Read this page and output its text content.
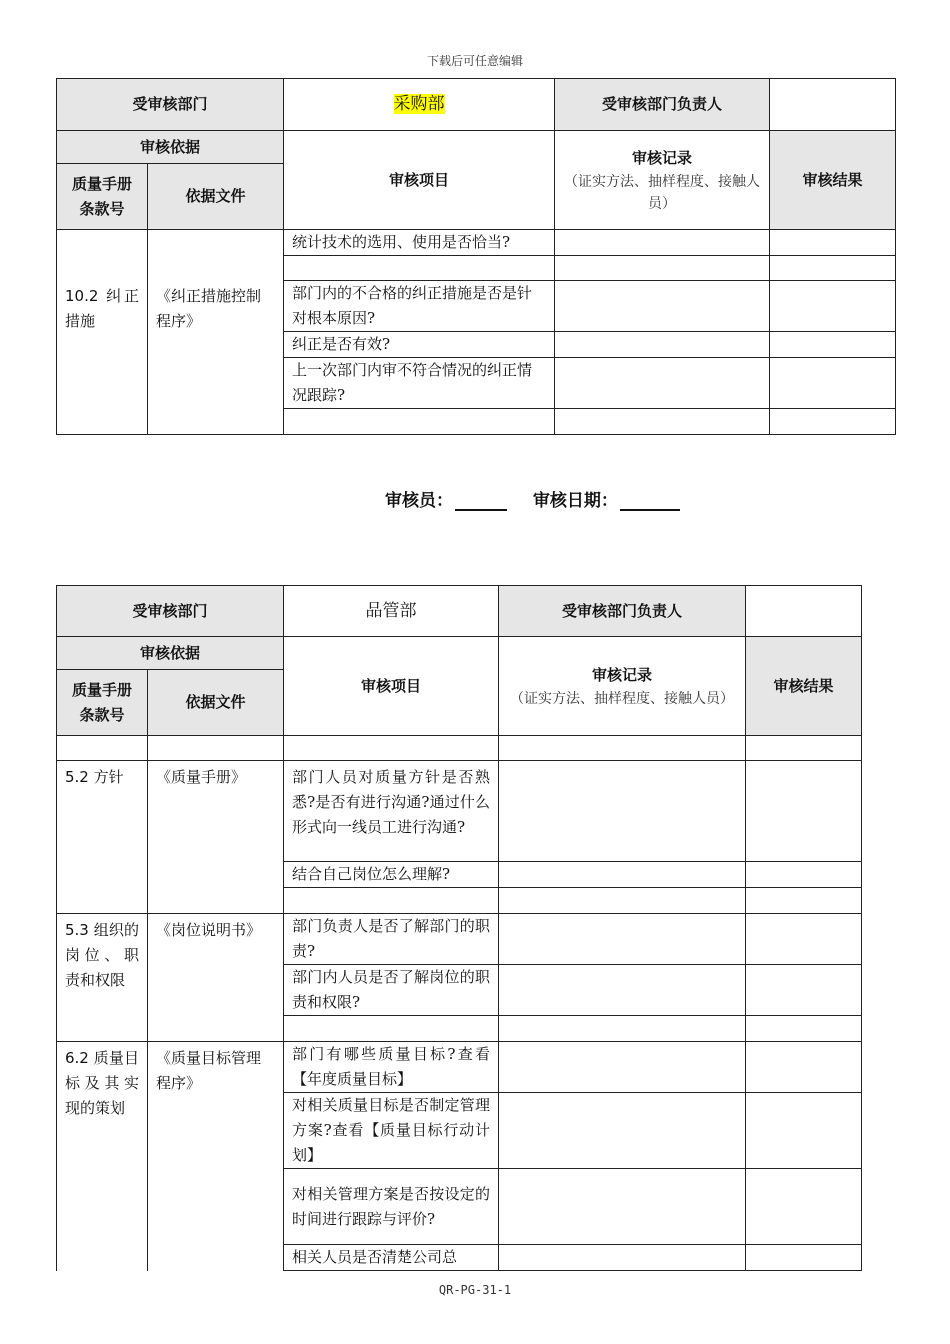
下载后可任意编辑
受审核部门		采购部	受审核部门负责人	
审核依据		审核项目	审核记录
（证实方法、抽样程度、接触人员）	审核结果
质量手册条款号	依据文件			
10.2 纠正措施	《纠正措施控制程序》	统计技术的选用、使用是否恰当?		

		部门内的不合格的纠正措施是否是针对根本原因?		
		纠正是否有效?		
		上一次部门内审不符合情况的纠正情况跟踪?		

审核员：	审核日期：
受审核部门		品管部	受审核部门负责人	
审核依据		审核项目	审核记录
（证实方法、抽样程度、接触人员）	审核结果
质量手册条款号	依据文件			

5.2 方针	《质量手册》	部门人员对质量方针是否熟悉?是否有进行沟通?通过什么形式向一线员工进行沟通?		
		结合自己岗位怎么理解?		

5.3 组织的岗位、职责和权限	《岗位说明书》	部门负责人是否了解部门的职责?		
		部门内人员是否了解岗位的职责和权限?		

6.2 质量目标及其实现的策划	《质量目标管理程序》	部门有哪些质量目标?查看【年度质量目标】		
		对相关质量目标是否制定管理方案?查看【质量目标行动计划】		
		对相关管理方案是否按设定的时间进行跟踪与评价?		
		相关人员是否清楚公司总		
QR-PG-31-1
